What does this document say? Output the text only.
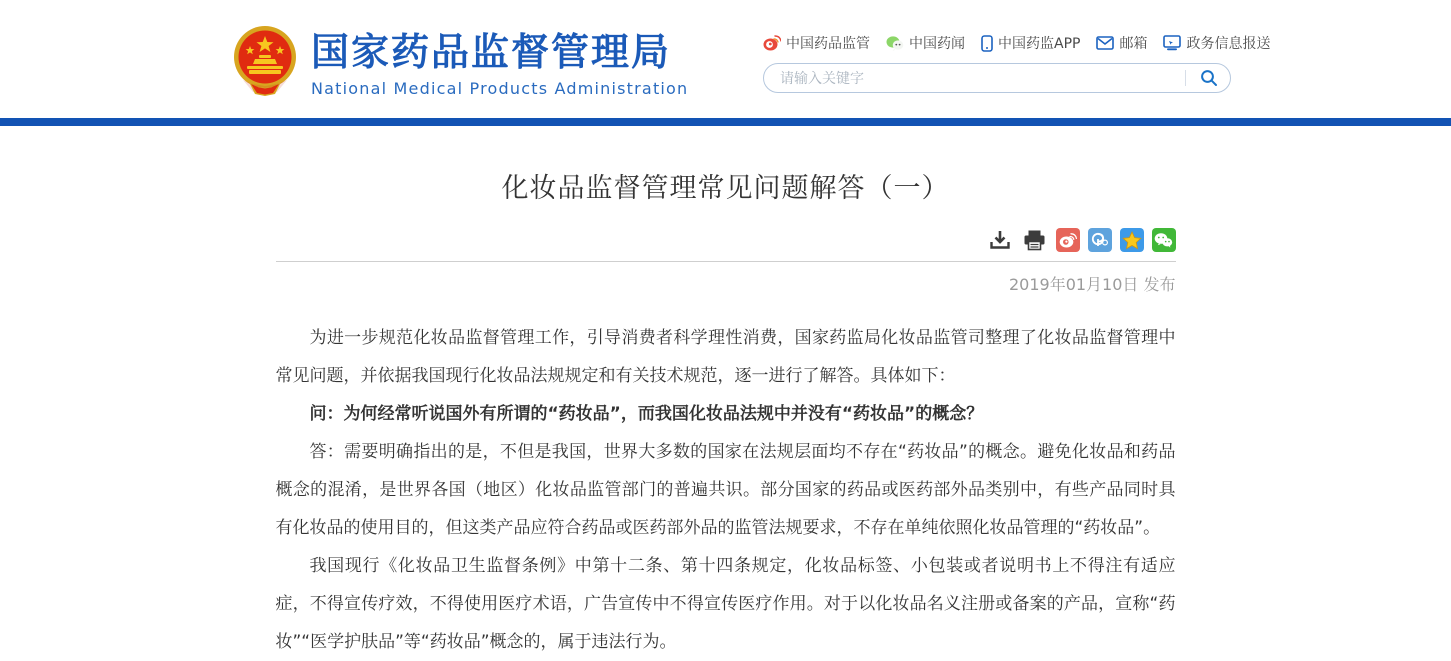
国家药品监督管理局
National Medical Products Administration
中国药品监管	中国药闻 中国药监APP	邮箱	政务信息报送
请输入关键字
化妆品监督管理常见问题解答（一）
2019年01月10日 发布

为进一步规范化妆品监督管理工作，引导消费者科学理性消费，国家药监局化妆品监管司整理了化妆品监督管理中常见问题，并依据我国现行化妆品法规规定和有关技术规范，逐一进行了解答。具体如下：

问：为何经常听说国外有所谓的“药妆品”，而我国化妆品法规中并没有“药妆品”的概念？

答：需要明确指出的是，不但是我国，世界大多数的国家在法规层面均不存在“药妆品”的概念。避免化妆品和药品概念的混淆，是世界各国（地区）化妆品监管部门的普遍共识。部分国家的药品或医药部外品类别中，有些产品同时具有化妆品的使用目的，但这类产品应符合药品或医药部外品的监管法规要求，不存在单纯依照化妆品管理的“药妆品”。

我国现行《化妆品卫生监督条例》中第十二条、第十四条规定，化妆品标签、小包装或者说明书上不得注有适应症，不得宣传疗效，不得使用医疗术语，广告宣传中不得宣传医疗作用。对于以化妆品名义注册或备案的产品，宣称“药妆”“医学护肤品”等“药妆品”概念的，属于违法行为。
